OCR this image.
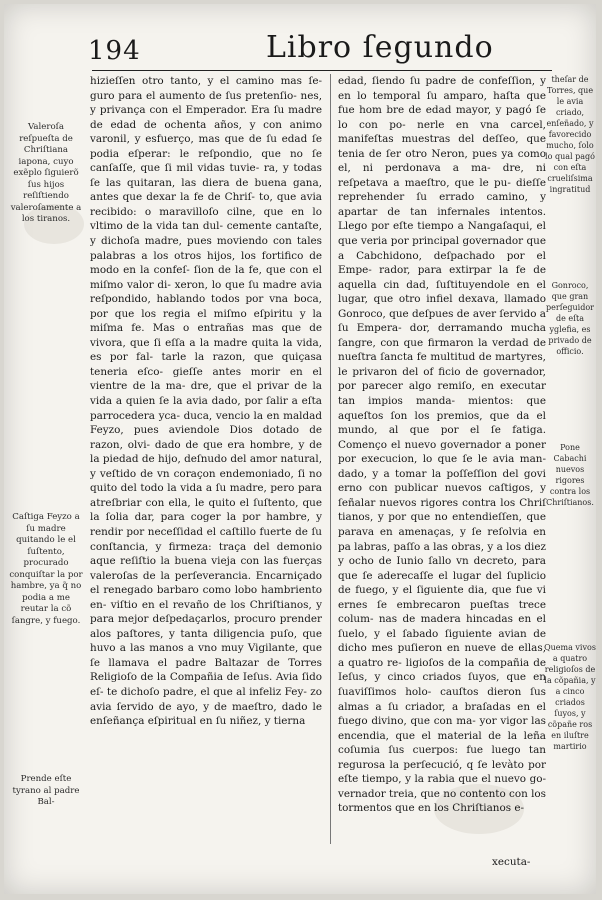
194	Libro ſegundo

hizieſſen otro tanto, y el camino mas ſe- guro para el aumento de ſus pretenſio- nes, y privança con el Emperador. Era ſu madre de edad de ochenta años, y con animo varonil, y esfuerço, mas que de ſu edad ſe podia eſperar: le reſpondio, que no ſe canſaſſe, que ſi mil vidas tuvie- ra, y todas ſe las quitaran, las diera de buena gana, antes que dexar la fe de Chriſ- to, que avia recibido: o maravilloſo cilne, que en lo vltimo de la vida tan dul- cemente cantaſte, y dichoſa madre, pues moviendo con tales palabras a los otros hijos, los fortifico de modo en la confeſ- ſion de la fe, que con el miſmo valor di- xeron, lo que ſu madre avia reſpondido, hablando todos por vna boca, por que los regia el miſmo eſpiritu y la miſma fe. Mas o entrañas mas que de vivora, que ſi eſſa a la madre quita la vida, es por fal- tarle la razon, que quiçasa teneria eſco- gieſſe antes morir en el vientre de la ma- dre, que el privar de la vida a quien ſe la avia dado, por ſalir a eſta parrocedera yca- duca, vencio la en maldad Feyzo, pues aviendole Dios dotado de razon, olvi- dado de que era hombre, y de la piedad de hijo, deſnudo del amor natural, y veſtido de vn coraçon endemoniado, ſi no quito del todo la vida a ſu madre, pero para atreſbriar con ella, le quito el ſuſtento, que la ſolia dar, para coger la por hambre, y rendir por neceſſidad el caſtillo fuerte de ſu conſtancia, y firmeza: traça del demonio aque reſiſtio la buena vieja con las fuerças valeroſas de la perſeverancia. Encarniçado el renegado barbaro como lobo hambriento en- viſtio en el revaño de los Chriſtianos, y para mejor deſpedaçarlos, procuro prender alos paſtores, y tanta diligencia puſo, que huvo a las manos a vno muy Vigilante, que ſe llamava el padre Baltazar de Torres Religioſo de la Compañia de Ieſus. Avia ſido eſ- te dichoſo padre, el que al infeliz Fey- zo avia ſervido de ayo, y de maeſtro, dado le enſeñança eſpiritual en ſu niñez, y tierna

edad, ſiendo ſu padre de confeſſion, y en lo temporal ſu amparo, haſta que fue hom bre de edad mayor, y pagó ſe lo con po- nerle en vna carcel, manifeſtas muestras del deſſeo, que tenia de ſer otro Neron, pues ya como el, ni perdonava a ma- dre, ni reſpetava a maeſtro, que le pu- dieſſe reprehender ſu errado camino, y apartar de tan infernales intentos. Llego por eſte tiempo a Nangaſaqui, el que veria por principal governador que a Cabchidono, deſpachado por el Empe- rador, para extirpar la fe de aquella cin dad, ſuſtituyendole en el lugar, que otro infiel dexava, llamado Gonroco, que deſpues de aver ſervido a ſu Empera- dor, derramando mucha ſangre, con que firmaron la verdad de nueſtra ſancta fe multitud de martyres, le privaron del of ficio de governador, por parecer algo remiſo, en executar tan impios manda- mientos: que aqueſtos ſon los premios, que da el mundo, al que por el ſe fatiga. Començo el nuevo governador a poner por execucion, lo que ſe le avia man- dado, y a tomar la poſſeſſion del govi erno con publicar nuevos caſtigos, y ſeñalar nuevos rigores contra los Chriſ tianos, y por que no entendieſſen, que parava en amenaças, y ſe reſolvia en pa labras, paſſo a las obras, y a los diez y ocho de Iunio ſallo vn decreto, para que ſe aderecaſſe el lugar del ſuplicio de fuego, y el ſiguiente dia, que fue vi ernes ſe embrecaron pueſtas trece colum- nas de madera hincadas en el ſuelo, y el ſabado ſiguiente avian de dicho mes puſieron en nueve de ellas, a quatro re- ligioſos de la compañia de Ieſus, y cinco criados ſuyos, que en ſuaviſſimos holo- cauſtos dieron ſus almas a ſu criador, a braſadas en el fuego divino, que con ma- yor vigor las encendia, que el material de la leña coſumia ſus cuerpos: fue luego tan regurosa la perſecució, q ſe levàto por eſte tiempo, y la rabia que el nuevo go- vernador treia, que no contento con los tormentos que en los Chriſtianos e-

Valeroſa reſpueſta de Chriſtiana iapona, cuyo exẽplo ſiguierõ ſus hijos reſiſtiendo valeroſamente a los tiranos.
Caſtiga Feyzo a ſu madre quitando le el ſuſtento, procurado conquiſtar la por hambre, ya q̃ no podia a me reutar la cõ ſangre, y fuego.
Prende eſte tyrano al padre Bal-
theſar de Torres, que le avia criado, enſeñado, y favorecido mucho, ſolo lo qual pagó con eſta crueliſsima ingratitud
Gonroco, que gran perſeguidor de eſta yglefia, es privado de officio.
Pone Cabachi nuevos rigores contra los Chriſtianos.
Quema vivos a quatro religioſos de la cõpañia, y a cinco criados ſuyos, y cõpañe ros en iluſtre martirio
xecuta-
